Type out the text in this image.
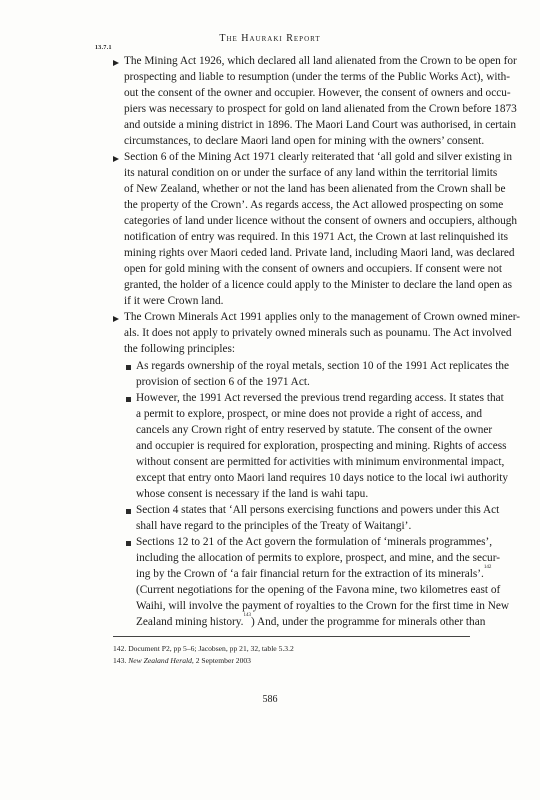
The Hauraki Report
13.7.1
The Mining Act 1926, which declared all land alienated from the Crown to be open for
prospecting and liable to resumption (under the terms of the Public Works Act), with-
out the consent of the owner and occupier. However, the consent of owners and occu-
piers was necessary to prospect for gold on land alienated from the Crown before 1873
and outside a mining district in 1896. The Maori Land Court was authorised, in certain
circumstances, to declare Maori land open for mining with the owners’ consent.
Section 6 of the Mining Act 1971 clearly reiterated that ‘all gold and silver existing in
its natural condition on or under the surface of any land within the territorial limits
of New Zealand, whether or not the land has been alienated from the Crown shall be
the property of the Crown’. As regards access, the Act allowed prospecting on some
categories of land under licence without the consent of owners and occupiers, although
notification of entry was required. In this 1971 Act, the Crown at last relinquished its
mining rights over Maori ceded land. Private land, including Maori land, was declared
open for gold mining with the consent of owners and occupiers. If consent were not
granted, the holder of a licence could apply to the Minister to declare the land open as
if it were Crown land.
The Crown Minerals Act 1991 applies only to the management of Crown owned miner-
als. It does not apply to privately owned minerals such as pounamu. The Act involved
the following principles:
As regards ownership of the royal metals, section 10 of the 1991 Act replicates the
provision of section 6 of the 1971 Act.
However, the 1991 Act reversed the previous trend regarding access. It states that
a permit to explore, prospect, or mine does not provide a right of access, and
cancels any Crown right of entry reserved by statute. The consent of the owner
and occupier is required for exploration, prospecting and mining. Rights of access
without consent are permitted for activities with minimum environmental impact,
except that entry onto Maori land requires 10 days notice to the local iwi authority
whose consent is necessary if the land is wahi tapu.
Section 4 states that ‘All persons exercising functions and powers under this Act
shall have regard to the principles of the Treaty of Waitangi’.
Sections 12 to 21 of the Act govern the formulation of ‘minerals programmes’,
including the allocation of permits to explore, prospect, and mine, and the secur-
ing by the Crown of ‘a fair financial return for the extraction of its minerals’.$^{142}$
(Current negotiations for the opening of the Favona mine, two kilometres east of
Waihi, will involve the payment of royalties to the Crown for the first time in New
Zealand mining history.$^{143}$) And, under the programme for minerals other than
142. Document P2, pp 5–6; Jacobsen, pp 21, 32, table 5.3.2
143. New Zealand Herald, 2 September 2003
586
